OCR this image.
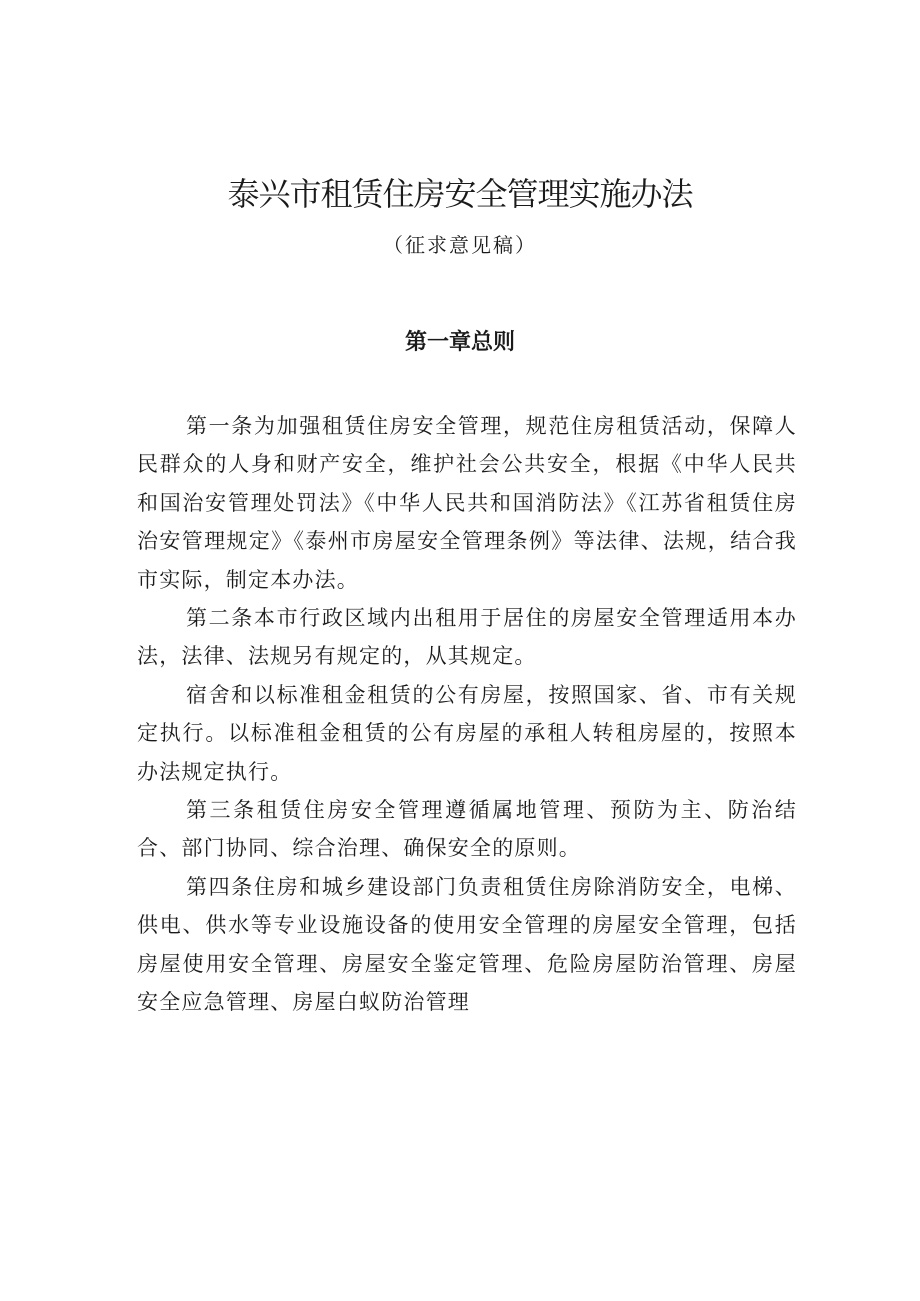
泰兴市租赁住房安全管理实施办法
（征求意见稿）
第一章总则

第一条为加强租赁住房安全管理，规范住房租赁活动，保障人民群众的人身和财产安全，维护社会公共安全，根据《中华人民共和国治安管理处罚法》《中华人民共和国消防法》《江苏省租赁住房治安管理规定》《泰州市房屋安全管理条例》等法律、法规，结合我市实际，制定本办法。

第二条本市行政区域内出租用于居住的房屋安全管理适用本办法，法律、法规另有规定的，从其规定。

宿舍和以标准租金租赁的公有房屋，按照国家、省、市有关规定执行。以标准租金租赁的公有房屋的承租人转租房屋的，按照本办法规定执行。

第三条租赁住房安全管理遵循属地管理、预防为主、防治结合、部门协同、综合治理、确保安全的原则。

第四条住房和城乡建设部门负责租赁住房除消防安全，电梯、供电、供水等专业设施设备的使用安全管理的房屋安全管理，包括房屋使用安全管理、房屋安全鉴定管理、危险房屋防治管理、房屋安全应急管理、房屋白蚁防治管理
